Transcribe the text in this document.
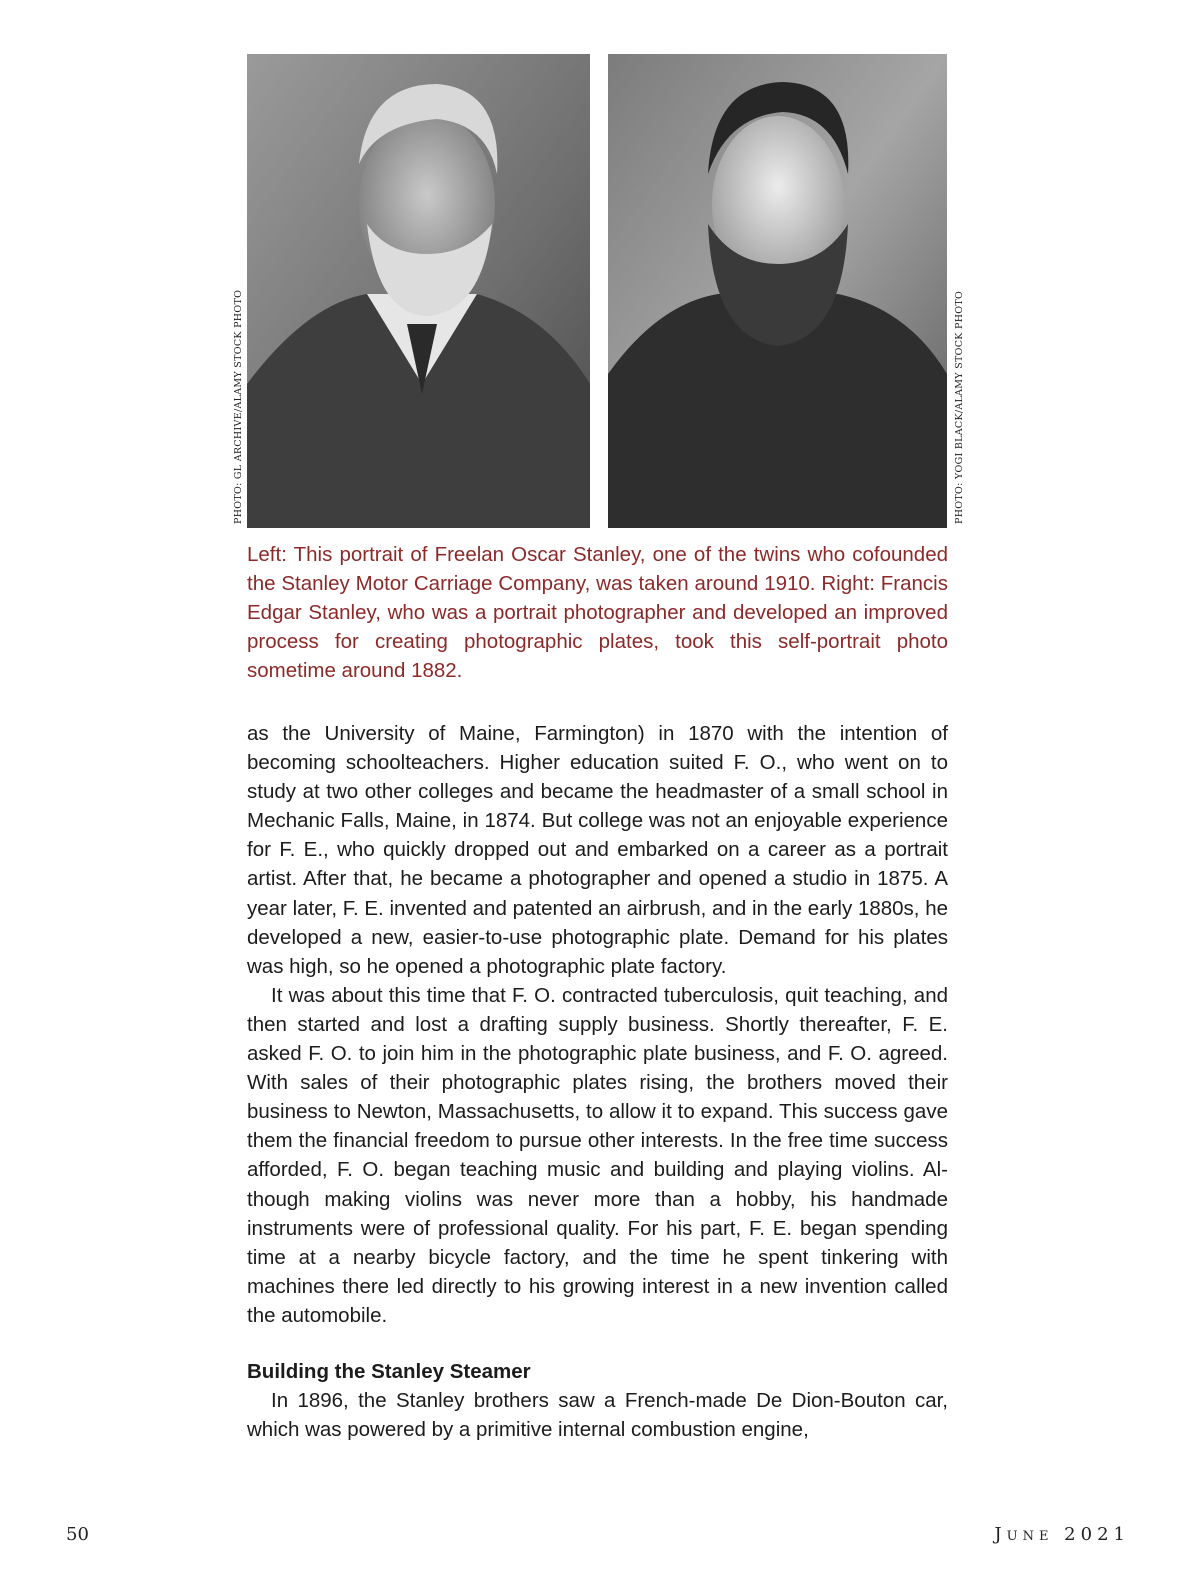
PHOTO: GL ARCHIVE/ALAMY STOCK PHOTO	PHOTO: YOGI BLACK/ALAMY STOCK PHOTO

Left: This portrait of Freelan Oscar Stanley, one of the twins who cofounded the Stanley Motor Carriage Company, was taken around 1910. Right: Francis Edgar Stanley, who was a portrait photographer and developed an improved process for creating photographic plates, took this self-portrait photo sometime around 1882.

as the University of Maine, Farmington) in 1870 with the intention of becoming schoolteachers. Higher education suited F. O., who went on to study at two other colleges and became the headmaster of a small school in Mechanic Falls, Maine, in 1874. But college was not an enjoyable experience for F. E., who quickly dropped out and embarked on a career as a portrait artist. After that, he became a photographer and opened a studio in 1875. A year later, F. E. invented and patented an airbrush, and in the early 1880s, he developed a new, easier-to-use photographic plate. Demand for his plates was high, so he opened a photographic plate factory.

It was about this time that F. O. contracted tuberculosis, quit teaching, and then started and lost a drafting supply business. Shortly thereafter, F. E. asked F. O. to join him in the photographic plate business, and F. O. agreed. With sales of their photographic plates rising, the brothers moved their business to Newton, Massachusetts, to allow it to expand. This success gave them the financial freedom to pursue other interests. In the free time success afforded, F. O. began teaching music and building and playing violins. Although making violins was never more than a hobby, his handmade instruments were of professional quality. For his part, F. E. began spending time at a nearby bicycle factory, and the time he spent tinkering with machines there led directly to his growing interest in a new invention called the automobile.

Building the Stanley Steamer

In 1896, the Stanley brothers saw a French-made De Dion-Bouton car, which was powered by a primitive internal combustion engine,

50	June 2021
